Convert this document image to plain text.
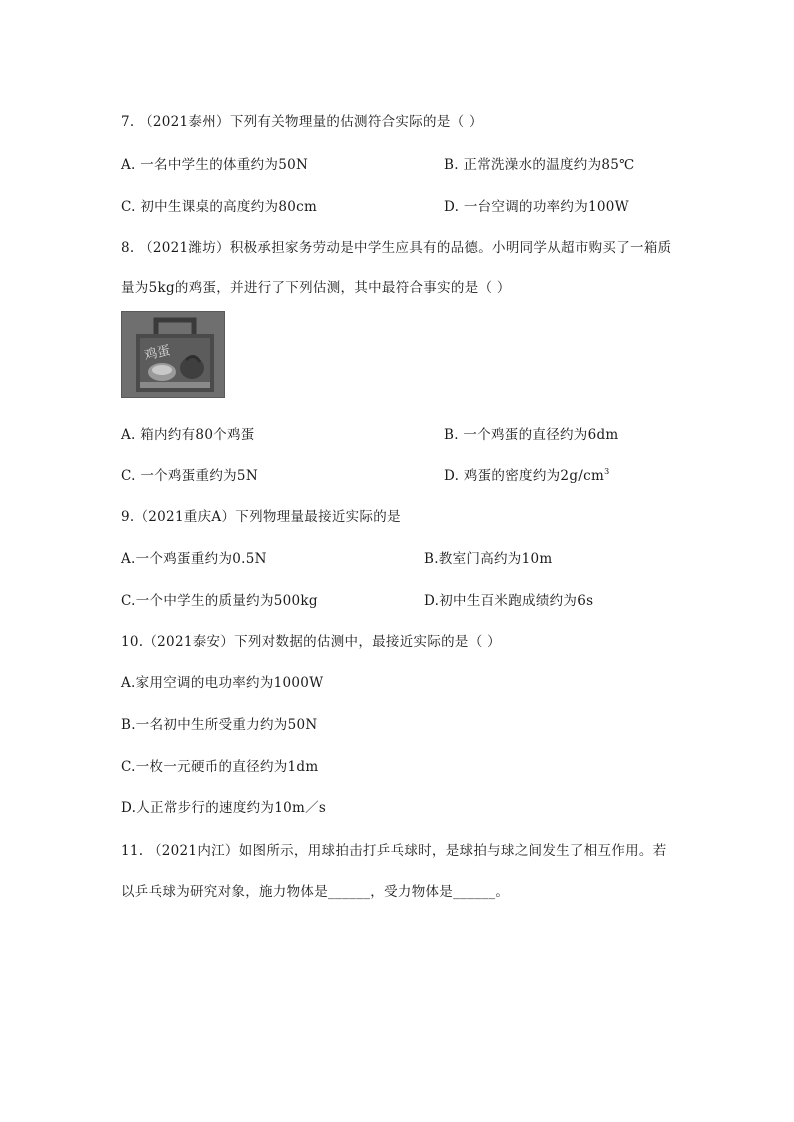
7. （2021泰州）下列有关物理量的估测符合实际的是（ ）
A. 一名中学生的体重约为50N	B. 正常洗澡水的温度约为85℃
C. 初中生课桌的高度约为80cm	D. 一台空调的功率约为100W
8. （2021潍坊）积极承担家务劳动是中学生应具有的品德。小明同学从超市购买了一箱质
量为5kg的鸡蛋，并进行了下列估测，其中最符合事实的是（ ）
鸡蛋
A. 箱内约有80个鸡蛋	B. 一个鸡蛋的直径约为6dm
C. 一个鸡蛋重约为5N	D. 鸡蛋的密度约为$2g/cm^3$
9.（2021重庆A）下列物理量最接近实际的是
A.一个鸡蛋重约为0.5N	B.教室门高约为10m
C.一个中学生的质量约为500kg	D.初中生百米跑成绩约为6s
10.（2021泰安）下列对数据的估测中，最接近实际的是（ ）
A.家用空调的电功率约为1000W
B.一名初中生所受重力约为50N
C.一枚一元硬币的直径约为1dm
D.人正常步行的速度约为10m／s
11. （2021内江）如图所示，用球拍击打乒乓球时，是球拍与球之间发生了相互作用。若
以乒乓球为研究对象，施力物体是______，受力物体是______。
